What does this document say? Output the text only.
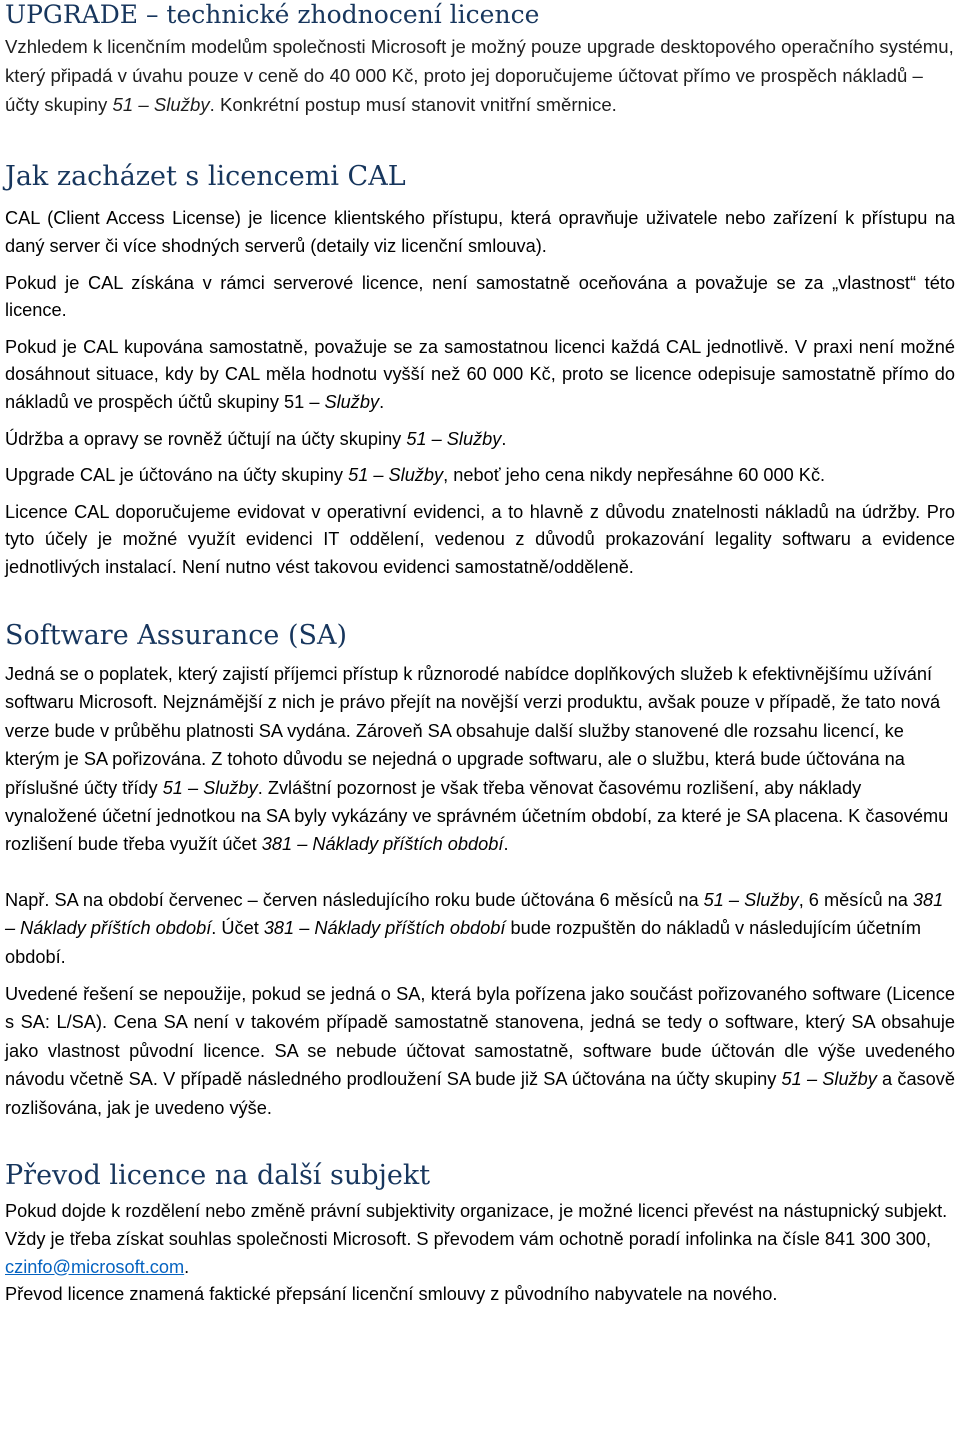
UPGRADE – technické zhodnocení licence

Vzhledem k licenčním modelům společnosti Microsoft je možný pouze upgrade desktopového operačního systému, který připadá v úvahu pouze v ceně do 40 000 Kč, proto jej doporučujeme účtovat přímo ve prospěch nákladů – účty skupiny 51 – Služby. Konkrétní postup musí stanovit vnitřní směrnice.

Jak zacházet s licencemi CAL

CAL (Client Access License) je licence klientského přístupu, která opravňuje uživatele nebo zařízení k přístupu na daný server či více shodných serverů (detaily viz licenční smlouva).

Pokud je CAL získána v rámci serverové licence, není samostatně oceňována a považuje se za „vlastnost“ této licence.

Pokud je CAL kupována samostatně, považuje se za samostatnou licenci každá CAL jednotlivě. V praxi není možné dosáhnout situace, kdy by CAL měla hodnotu vyšší než 60 000 Kč, proto se licence odepisuje samostatně přímo do nákladů ve prospěch účtů skupiny 51 – Služby.

Údržba a opravy se rovněž účtují na účty skupiny 51 – Služby.

Upgrade CAL je účtováno na účty skupiny 51 – Služby, neboť jeho cena nikdy nepřesáhne 60 000 Kč.

Licence CAL doporučujeme evidovat v operativní evidenci, a to hlavně z důvodu znatelnosti nákladů na údržby. Pro tyto účely je možné využít evidenci IT oddělení, vedenou z důvodů prokazování legality softwaru a evidence jednotlivých instalací. Není nutno vést takovou evidenci samostatně/odděleně.

Software Assurance (SA)

Jedná se o poplatek, který zajistí příjemci přístup k různorodé nabídce doplňkových služeb k efektivnějšímu užívání softwaru Microsoft. Nejznámější z nich je právo přejít na novější verzi produktu, avšak pouze v případě, že tato nová verze bude v průběhu platnosti SA vydána. Zároveň SA obsahuje další služby stanovené dle rozsahu licencí, ke kterým je SA pořizována. Z tohoto důvodu se nejedná o upgrade softwaru, ale o službu, která bude účtována na příslušné účty třídy 51 – Služby. Zvláštní pozornost je však třeba věnovat časovému rozlišení, aby náklady vynaložené účetní jednotkou na SA byly vykázány ve správném účetním období, za které je SA placena. K časovému rozlišení bude třeba využít účet 381 – Náklady příštích období.

Např. SA na období červenec – červen následujícího roku bude účtována 6 měsíců na 51 – Služby, 6 měsíců na 381 – Náklady příštích období. Účet 381 – Náklady příštích období bude rozpuštěn do nákladů v následujícím účetním období.

Uvedené řešení se nepoužije, pokud se jedná o SA, která byla pořízena jako součást pořizovaného software (Licence s SA: L/SA). Cena SA není v takovém případě samostatně stanovena, jedná se tedy o software, který SA obsahuje jako vlastnost původní licence. SA se nebude účtovat samostatně, software bude účtován dle výše uvedeného návodu včetně SA. V případě následného prodloužení SA bude již SA účtována na účty skupiny 51 – Služby a časově rozlišována, jak je uvedeno výše.

Převod licence na další subjekt

Pokud dojde k rozdělení nebo změně právní subjektivity organizace, je možné licenci převést na nástupnický subjekt. Vždy je třeba získat souhlas společnosti Microsoft. S převodem vám ochotně poradí infolinka na čísle 841 300 300, czinfo@microsoft.com.

Převod licence znamená faktické přepsání licenční smlouvy z původního nabyvatele na nového.
